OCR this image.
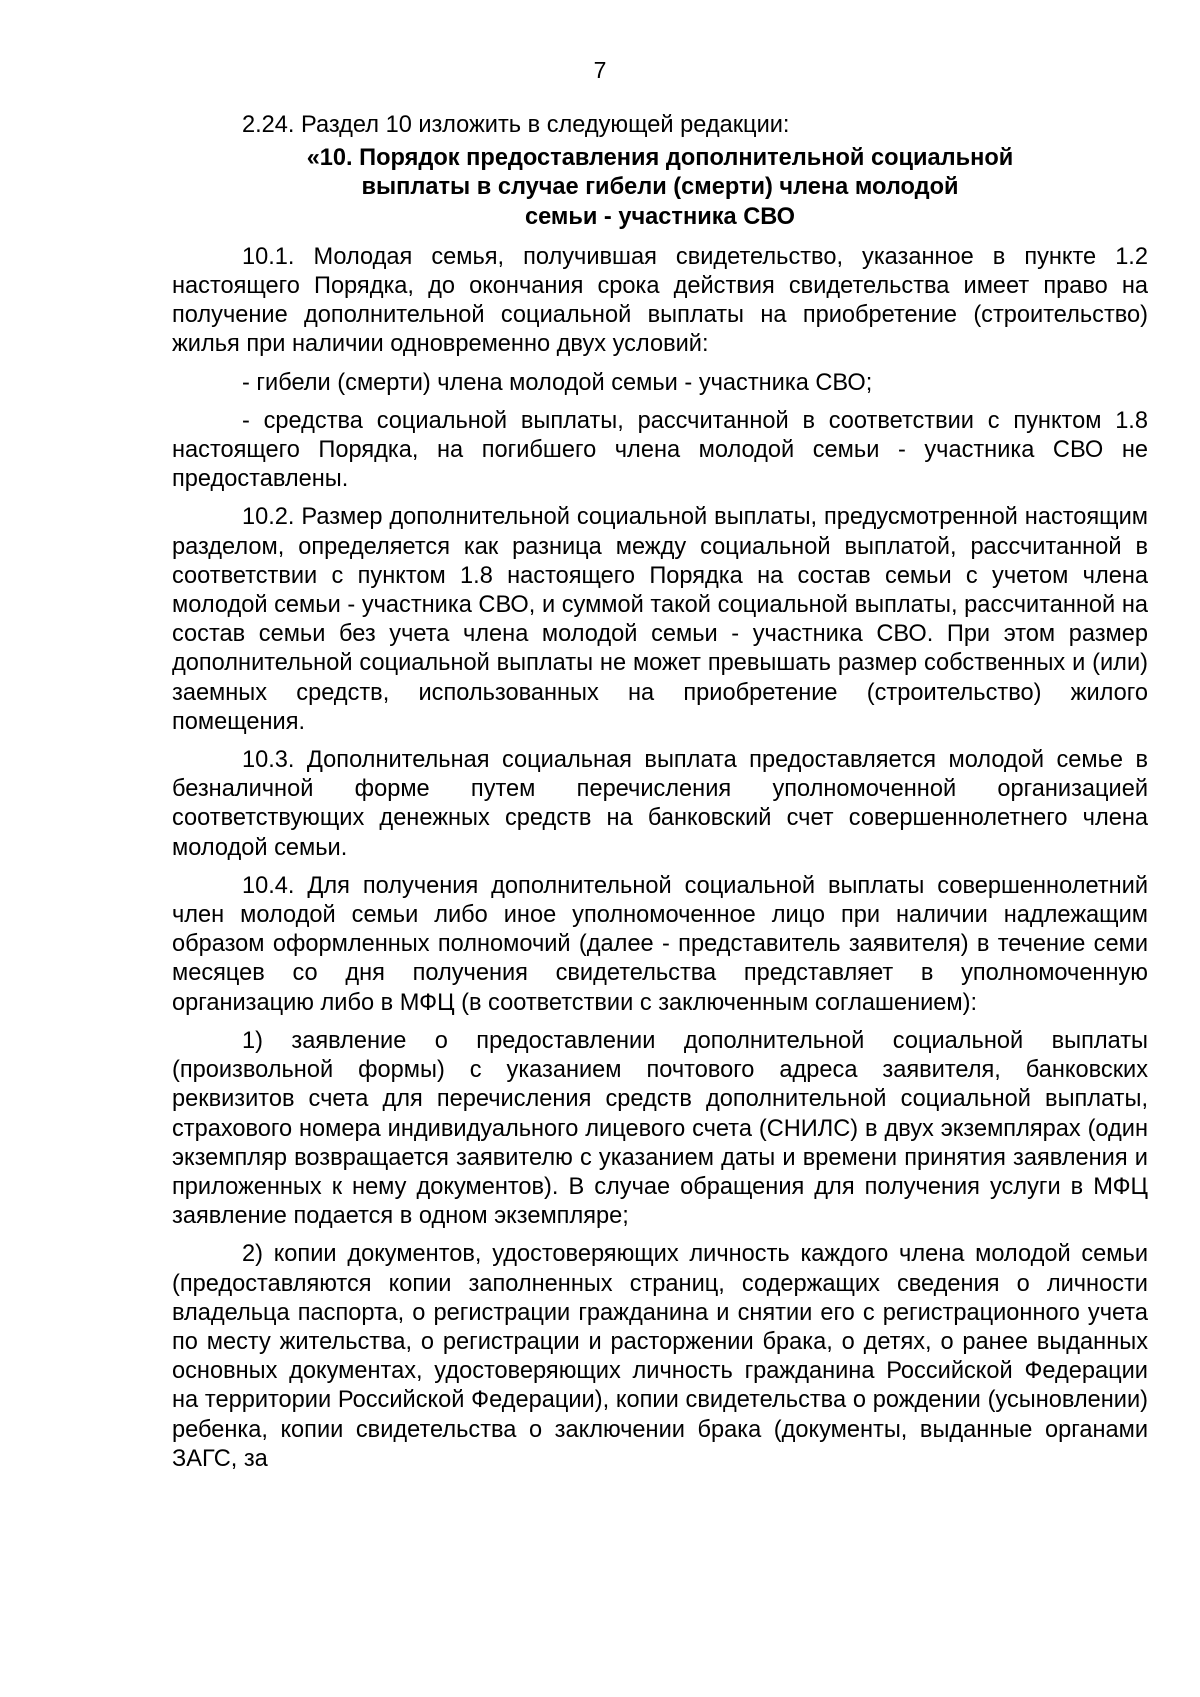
7

2.24. Раздел 10 изложить в следующей редакции:

«10. Порядок предоставления дополнительной социальной
выплаты в случае гибели (смерти) члена молодой
семьи - участника СВО

10.1. Молодая семья, получившая свидетельство, указанное в пункте 1.2 настоящего Порядка, до окончания срока действия свидетельства имеет право на получение дополнительной социальной выплаты на приобретение (строительство) жилья при наличии одновременно двух условий:

- гибели (смерти) члена молодой семьи - участника СВО;

- средства социальной выплаты, рассчитанной в соответствии с пунктом 1.8 настоящего Порядка, на погибшего члена молодой семьи - участника СВО не предоставлены.

10.2. Размер дополнительной социальной выплаты, предусмотренной настоящим разделом, определяется как разница между социальной выплатой, рассчитанной в соответствии с пунктом 1.8 настоящего Порядка на состав семьи с учетом члена молодой семьи - участника СВО, и суммой такой социальной выплаты, рассчитанной на состав семьи без учета члена молодой семьи - участника СВО. При этом размер дополнительной социальной выплаты не может превышать размер собственных и (или) заемных средств, использованных на приобретение (строительство) жилого помещения.

10.3. Дополнительная социальная выплата предоставляется молодой семье в безналичной форме путем перечисления уполномоченной организацией соответствующих денежных средств на банковский счет совершеннолетнего члена молодой семьи.

10.4. Для получения дополнительной социальной выплаты совершеннолетний член молодой семьи либо иное уполномоченное лицо при наличии надлежащим образом оформленных полномочий (далее - представитель заявителя) в течение семи месяцев со дня получения свидетельства представляет в уполномоченную организацию либо в МФЦ (в соответствии с заключенным соглашением):

1) заявление о предоставлении дополнительной социальной выплаты (произвольной формы) с указанием почтового адреса заявителя, банковских реквизитов счета для перечисления средств дополнительной социальной выплаты, страхового номера индивидуального лицевого счета (СНИЛС) в двух экземплярах (один экземпляр возвращается заявителю с указанием даты и времени принятия заявления и приложенных к нему документов). В случае обращения для получения услуги в МФЦ заявление подается в одном экземпляре;

2) копии документов, удостоверяющих личность каждого члена молодой семьи (предоставляются копии заполненных страниц, содержащих сведения о личности владельца паспорта, о регистрации гражданина и снятии его с регистрационного учета по месту жительства, о регистрации и расторжении брака, о детях, о ранее выданных основных документах, удостоверяющих личность гражданина Российской Федерации на территории Российской Федерации), копии свидетельства о рождении (усыновлении) ребенка, копии свидетельства о заключении брака (документы, выданные органами ЗАГС, за
